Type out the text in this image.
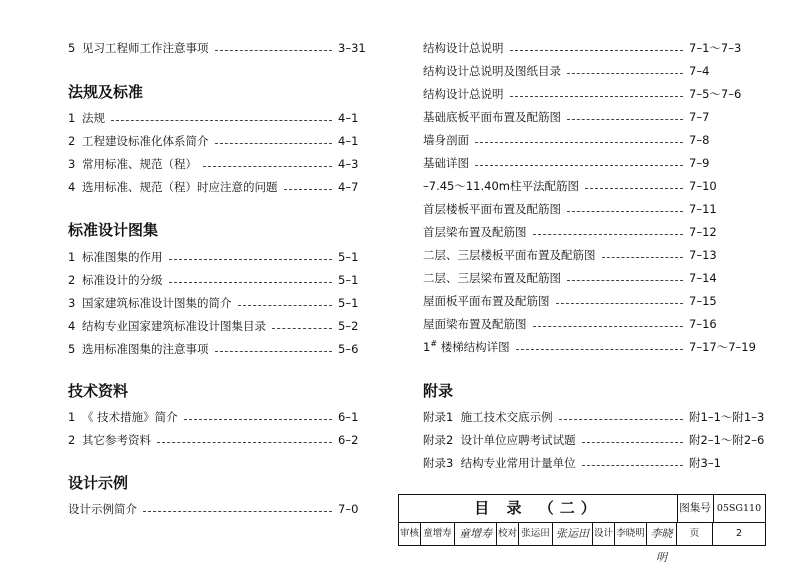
5 见习工程师工作注意事项	3–31
法规及标准
1 法规	4–1
2 工程建设标准化体系简介	4–1
3 常用标准、规范（程）	4–3
4 选用标准、规范（程）时应注意的问题	4–7
标准设计图集
1 标准图集的作用	5–1
2 标准设计的分级	5–1
3 国家建筑标准设计图集的简介	5–1
4 结构专业国家建筑标准设计图集目录	5–2
5 选用标准图集的注意事项	5–6
技术资料
1 《 技术措施》简介	6–1
2 其它参考资料	6–2
设计示例
设计示例简介	7–0
结构设计总说明	7–1～7–3
结构设计总说明及图纸目录	7–4
结构设计总说明	7–5～7–6
基础底板平面布置及配筋图	7–7
墙身剖面	7–8
基础详图	7–9
–7.45～11.40m柱平法配筋图	7–10
首层楼板平面布置及配筋图	7–11
首层梁布置及配筋图	7–12
二层、三层楼板平面布置及配筋图	7–13
二层、三层梁布置及配筋图	7–14
屋面板平面布置及配筋图	7–15
屋面梁布置及配筋图	7–16
1# 楼梯结构详图	7–17～7–19
附录
附录1 施工技术交底示例	附1–1～附1–3
附录2 设计单位应聘考试试题	附2–1～附2–6
附录3 结构专业常用计量单位	附3–1
目 录 （二）	图集号 05SG110
审核 童增寿 童增寿 校对 张运田 张运田 设计 李晓明 李晓明
页	2
